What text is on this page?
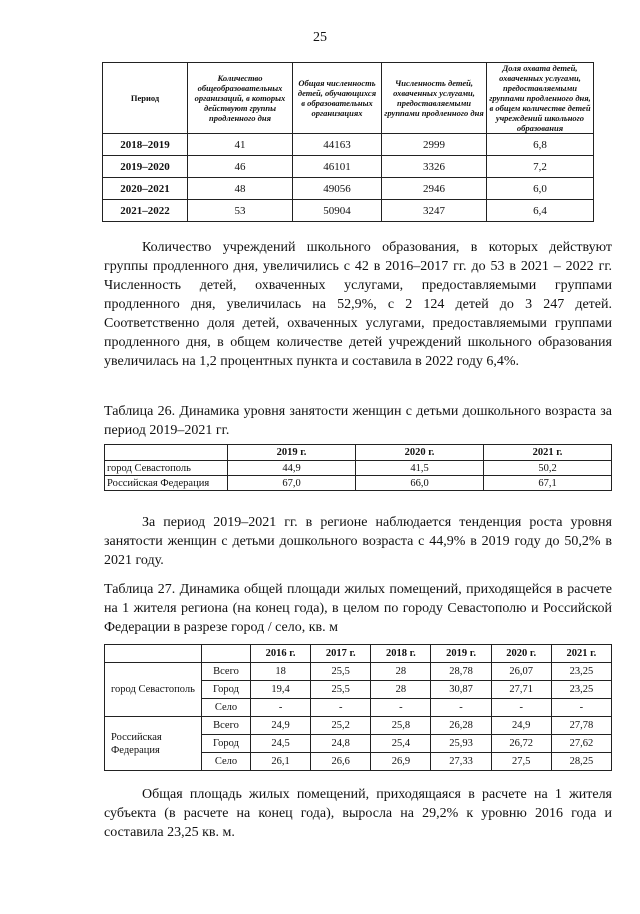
25
Период	Количество общеобразовательных организаций, в которых действуют группы продленного дня	Общая численность детей, обучающихся в образовательных организациях	Численность детей, охваченных услугами, предоставляемыми группами продленного дня	Доля охвата детей, охваченных услугами, предоставляемыми группами продленного дня, в общем количестве детей учреждений школьного образования
2018–2019	41	44163	2999	6,8
2019–2020	46	46101	3326	7,2
2020–2021	48	49056	2946	6,0
2021–2022	53	50904	3247	6,4

Количество учреждений школьного образования, в которых действуют группы продленного дня, увеличились с 42 в 2016–2017 гг. до 53 в 2021 – 2022 гг. Численность детей, охваченных услугами, предоставляемыми группами продленного дня, увеличилась на 52,9%, с 2 124 детей до 3 247 детей. Соответственно доля детей, охваченных услугами, предоставляемыми группами продленного дня, в общем количестве детей учреждений школьного образования увеличилась на 1,2 процентных пункта и составила в 2022 году 6,4%.

Таблица 26. Динамика уровня занятости женщин с детьми дошкольного возраста за период 2019–2021 гг.

	2019 г.	2020 г.	2021 г.
город Севастополь	44,9	41,5	50,2
Российская Федерация	67,0	66,0	67,1

За период 2019–2021 гг. в регионе наблюдается тенденция роста уровня занятости женщин с детьми дошкольного возраста с 44,9% в 2019 году до 50,2% в 2021 году.

Таблица 27. Динамика общей площади жилых помещений, приходящейся в расчете на 1 жителя региона (на конец года), в целом по городу Севастополю и Российской Федерации в разрезе город / село, кв. м

		2016 г.	2017 г.	2018 г.	2019 г.	2020 г.	2021 г.
город Севастополь	Всего	18	25,5	28	28,78	26,07	23,25
	Город	19,4	25,5	28	30,87	27,71	23,25
	Село	-	-	-	-	-	-
Российская Федерация	Всего	24,9	25,2	25,8	26,28	24,9	27,78
	Город	24,5	24,8	25,4	25,93	26,72	27,62
	Село	26,1	26,6	26,9	27,33	27,5	28,25

Общая площадь жилых помещений, приходящаяся в расчете на 1 жителя субъекта (в расчете на конец года), выросла на 29,2% к уровню 2016 года и составила 23,25 кв. м.
